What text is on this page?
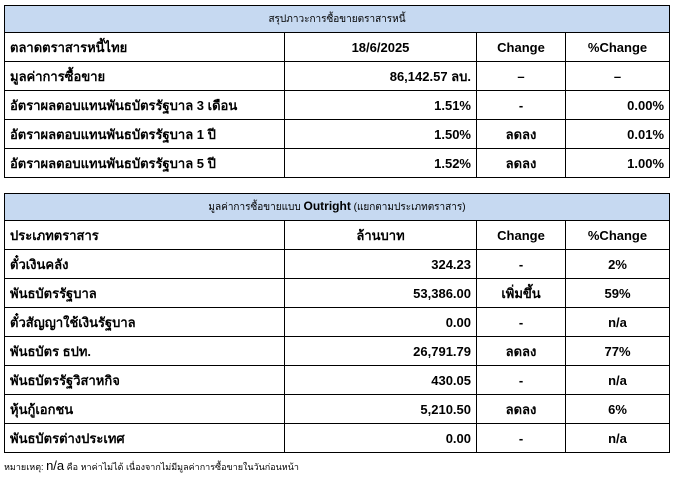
สรุปภาวะการซื้อขายตราสารหนี้			
ตลาดตราสารหนี้ไทย	18/6/2025	Change	%Change
มูลค่าการซื้อขาย	86,142.57 ลบ.	–	–
อัตราผลตอบแทนพันธบัตรรัฐบาล 3 เดือน	1.51%	-	0.00%
อัตราผลตอบแทนพันธบัตรรัฐบาล 1 ปี	1.50%	ลดลง	0.01%
อัตราผลตอบแทนพันธบัตรรัฐบาล 5 ปี	1.52%	ลดลง	1.00%
มูลค่าการซื้อขายแบบ Outright (แยกตามประเภทตราสาร)			
ประเภทตราสาร	ล้านบาท	Change	%Change
ตั๋วเงินคลัง	324.23	-	2%
พันธบัตรรัฐบาล	53,386.00	เพิ่มขึ้น	59%
ตั๋วสัญญาใช้เงินรัฐบาล	0.00	-	n/a
พันธบัตร ธปท.	26,791.79	ลดลง	77%
พันธบัตรรัฐวิสาหกิจ	430.05	-	n/a
หุ้นกู้เอกชน	5,210.50	ลดลง	6%
พันธบัตรต่างประเทศ	0.00	-	n/a
หมายเหตุ: n/a คือ หาค่าไม่ได้ เนื่องจากไม่มีมูลค่าการซื้อขายในวันก่อนหน้า
